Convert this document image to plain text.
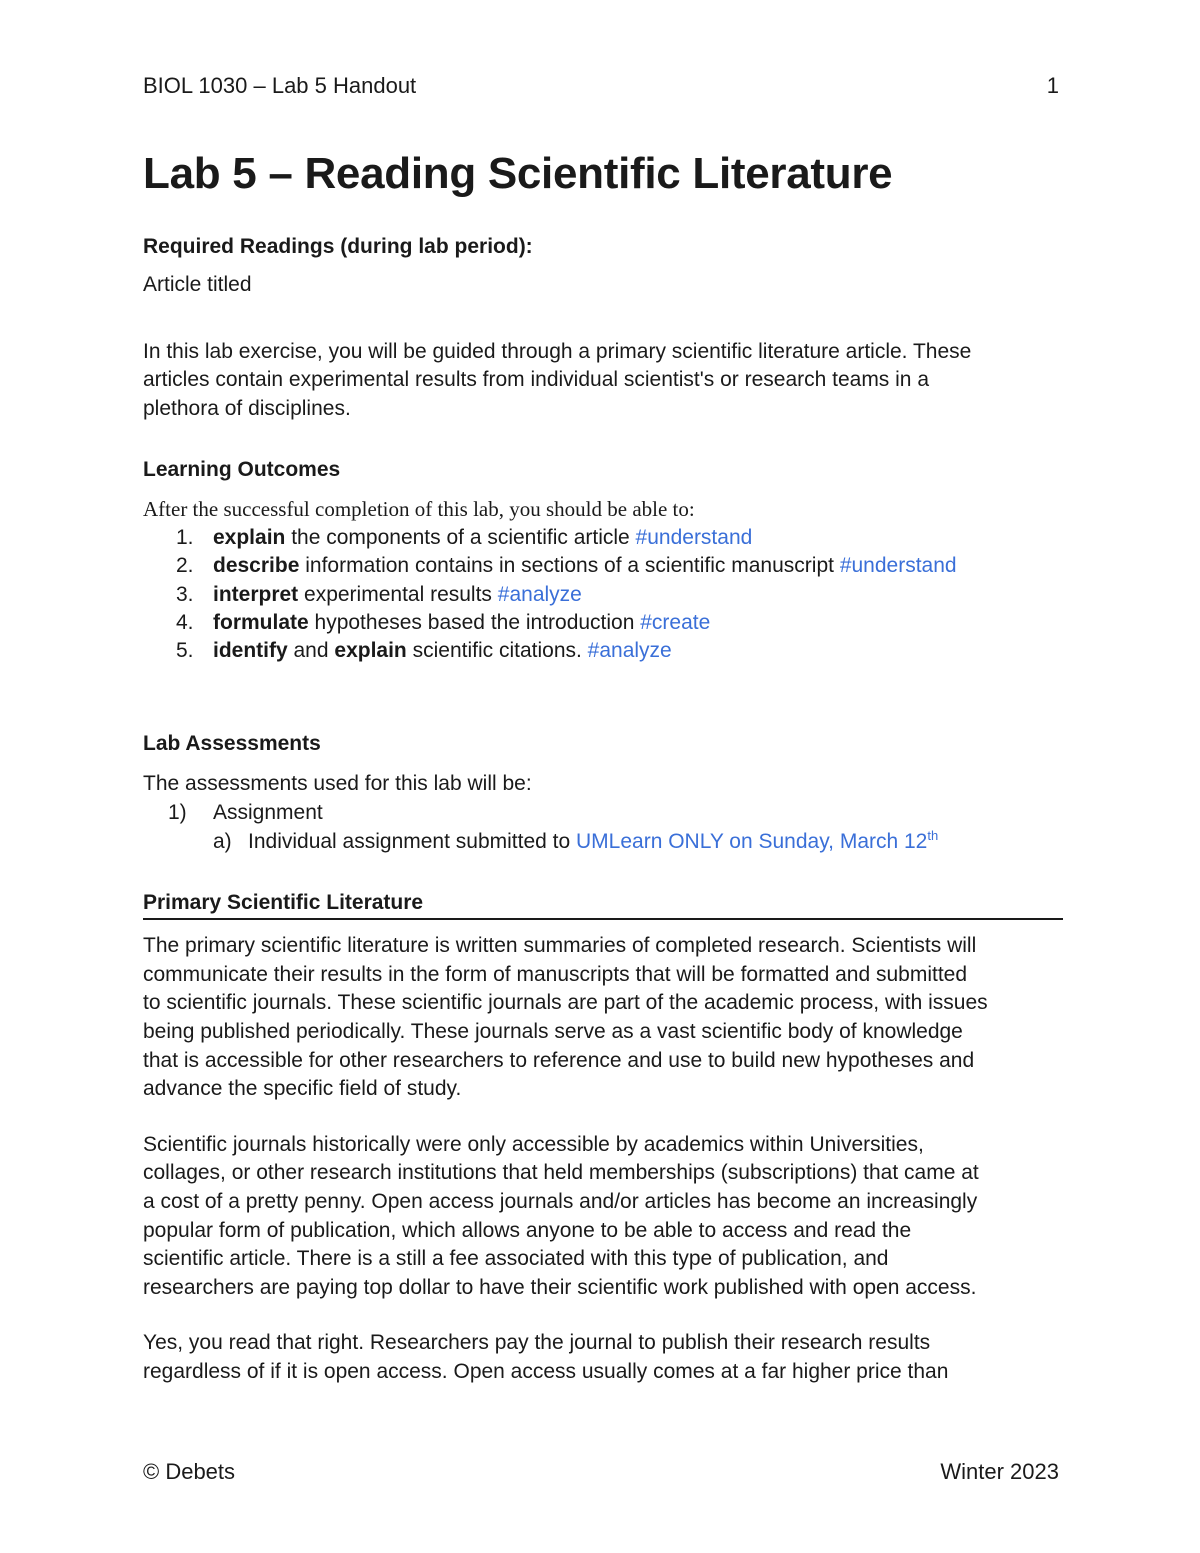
BIOL 1030 – Lab 5 Handout	1
Lab 5 – Reading Scientific Literature
Required Readings (during lab period):
Article titled
In this lab exercise, you will be guided through a primary scientific literature article. These
articles contain experimental results from individual scientist's or research teams in a
plethora of disciplines.
Learning Outcomes
After the successful completion of this lab, you should be able to:
1. explain the components of a scientific article #understand
2. describe information contains in sections of a scientific manuscript #understand
3. interpret experimental results #analyze
4. formulate hypotheses based the introduction #create
5. identify and explain scientific citations. #analyze
Lab Assessments
The assessments used for this lab will be:
1) Assignment
a) Individual assignment submitted to UMLearn ONLY on Sunday, March 12th
Primary Scientific Literature
The primary scientific literature is written summaries of completed research. Scientists will
communicate their results in the form of manuscripts that will be formatted and submitted
to scientific journals. These scientific journals are part of the academic process, with issues
being published periodically. These journals serve as a vast scientific body of knowledge
that is accessible for other researchers to reference and use to build new hypotheses and
advance the specific field of study.
Scientific journals historically were only accessible by academics within Universities,
collages, or other research institutions that held memberships (subscriptions) that came at
a cost of a pretty penny. Open access journals and/or articles has become an increasingly
popular form of publication, which allows anyone to be able to access and read the
scientific article. There is a still a fee associated with this type of publication, and
researchers are paying top dollar to have their scientific work published with open access.
Yes, you read that right. Researchers pay the journal to publish their research results
regardless of if it is open access. Open access usually comes at a far higher price than
© Debets	Winter 2023
